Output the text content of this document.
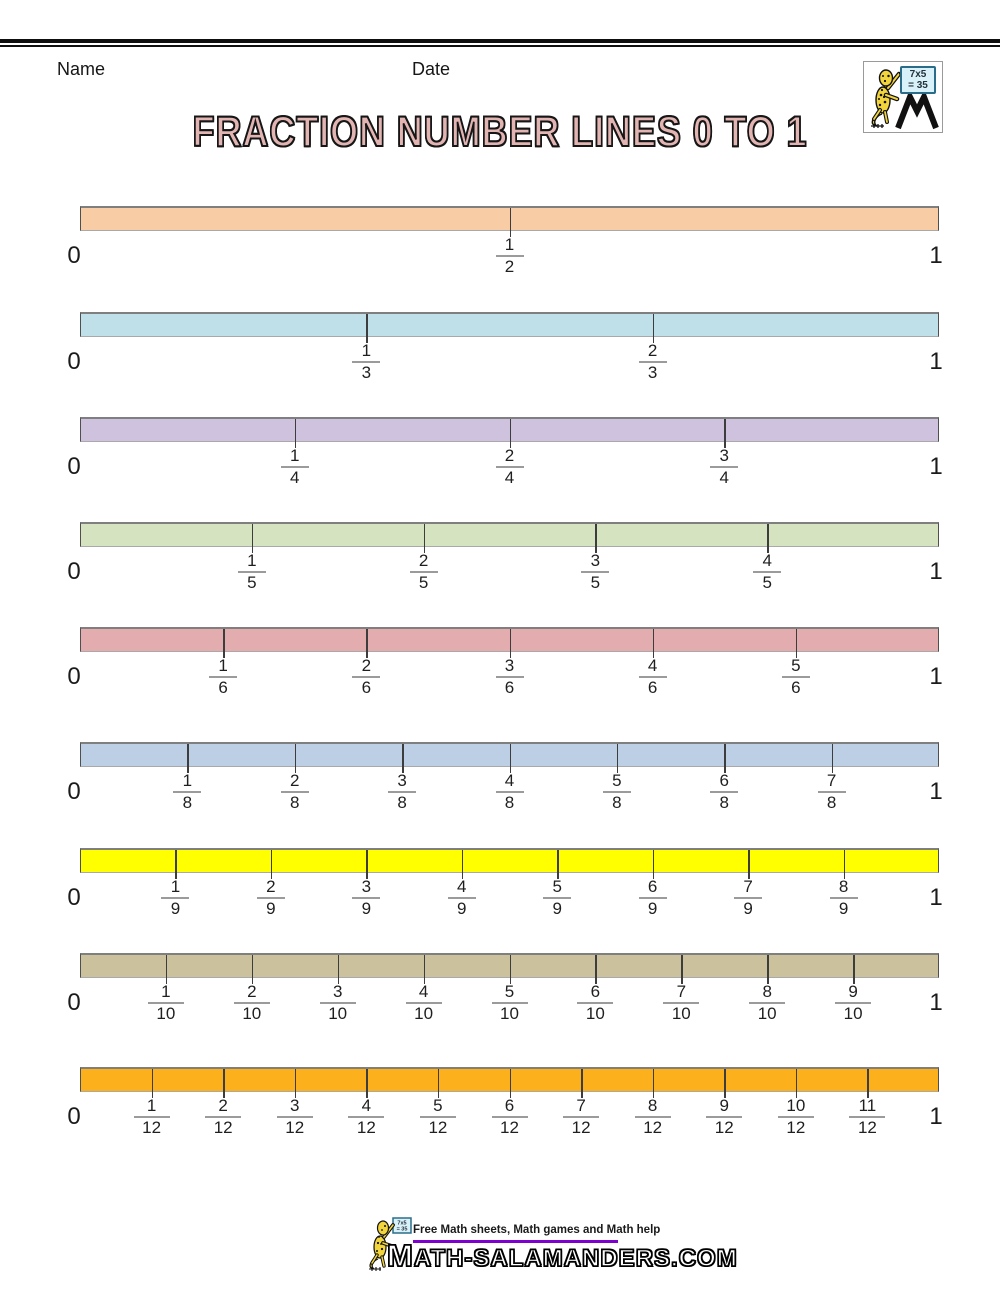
Name	Date	7x5
= 35
FRACTION NUMBER LINES 0 TO 1
1
2
0	1
1
3
2
3
0	1
1
4
2
4
3
4
0	1
1
5
2
5
3
5
4
5
0	1
1
6
2
6
3
6
4
6
5
6
0	1
1
8
2
8
3
8
4
8
5
8
6
8
7
8
0	1
1
9
2
9
3
9
4
9
5
9
6
9
7
9
8
9
0	1
1
10
2
10
3
10
4
10
5
10
6
10
7
10
8
10
9
10
0	1
1
12
2
12
3
12
4
12
5
12
6
12
7
12
8
12
9
12
10
12
11
12
0	1
7x5
= 35 Free Math sheets, Math games and Math help
MATH-SALAMANDERS.COM
